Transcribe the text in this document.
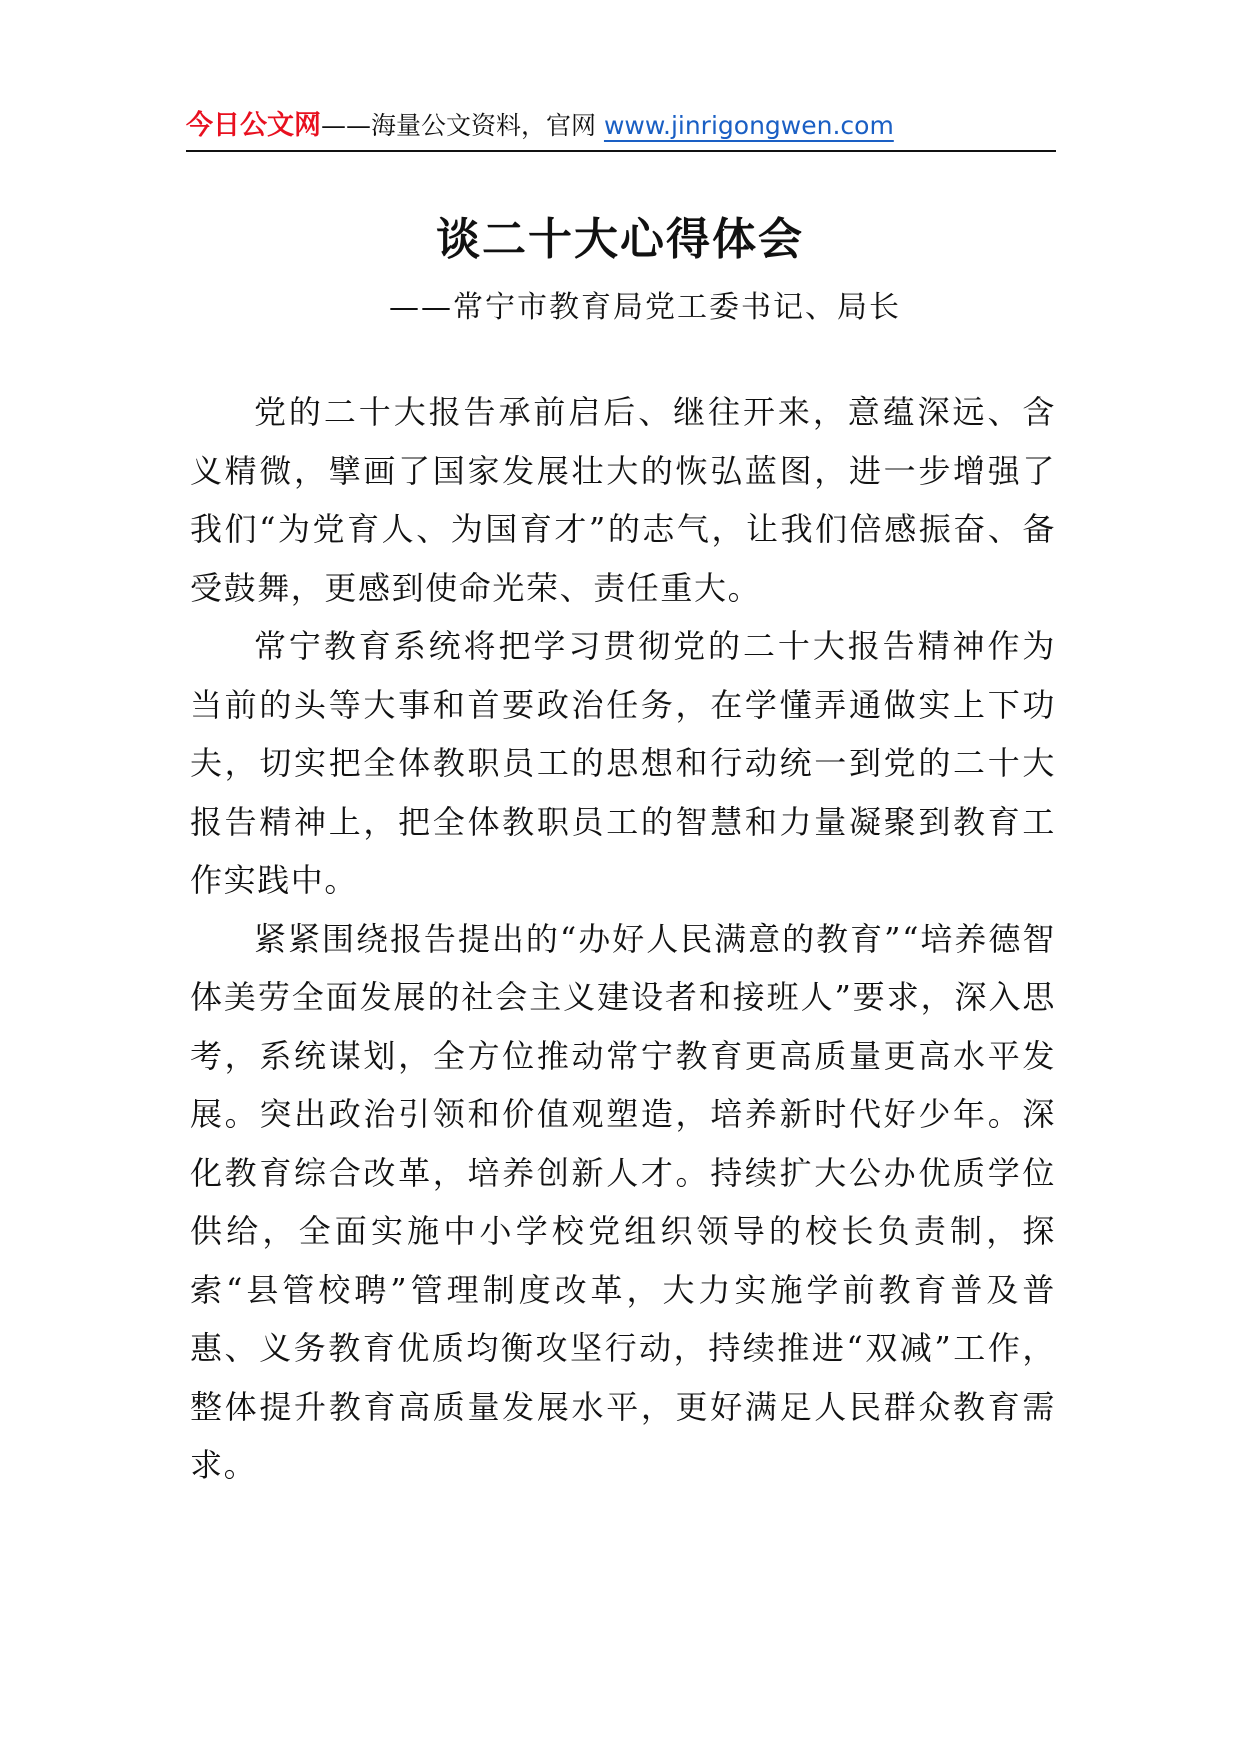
今日公文网——海量公文资料，官网 www.jinrigongwen.com
谈二十大心得体会
——常宁市教育局党工委书记、局长

党的二十大报告承前启后、继往开来，意蕴深远、含义精微，擘画了国家发展壮大的恢弘蓝图，进一步增强了我们“为党育人、为国育才”的志气，让我们倍感振奋、备受鼓舞，更感到使命光荣、责任重大。

常宁教育系统将把学习贯彻党的二十大报告精神作为当前的头等大事和首要政治任务，在学懂弄通做实上下功夫，切实把全体教职员工的思想和行动统一到党的二十大报告精神上，把全体教职员工的智慧和力量凝聚到教育工作实践中。

紧紧围绕报告提出的“办好人民满意的教育”“培养德智体美劳全面发展的社会主义建设者和接班人”要求，深入思考，系统谋划，全方位推动常宁教育更高质量更高水平发展。突出政治引领和价值观塑造，培养新时代好少年。深化教育综合改革，培养创新人才。持续扩大公办优质学位供给，全面实施中小学校党组织领导的校长负责制，探索“县管校聘”管理制度改革，大力实施学前教育普及普惠、义务教育优质均衡攻坚行动，持续推进“双减”工作，整体提升教育高质量发展水平，更好满足人民群众教育需求。
